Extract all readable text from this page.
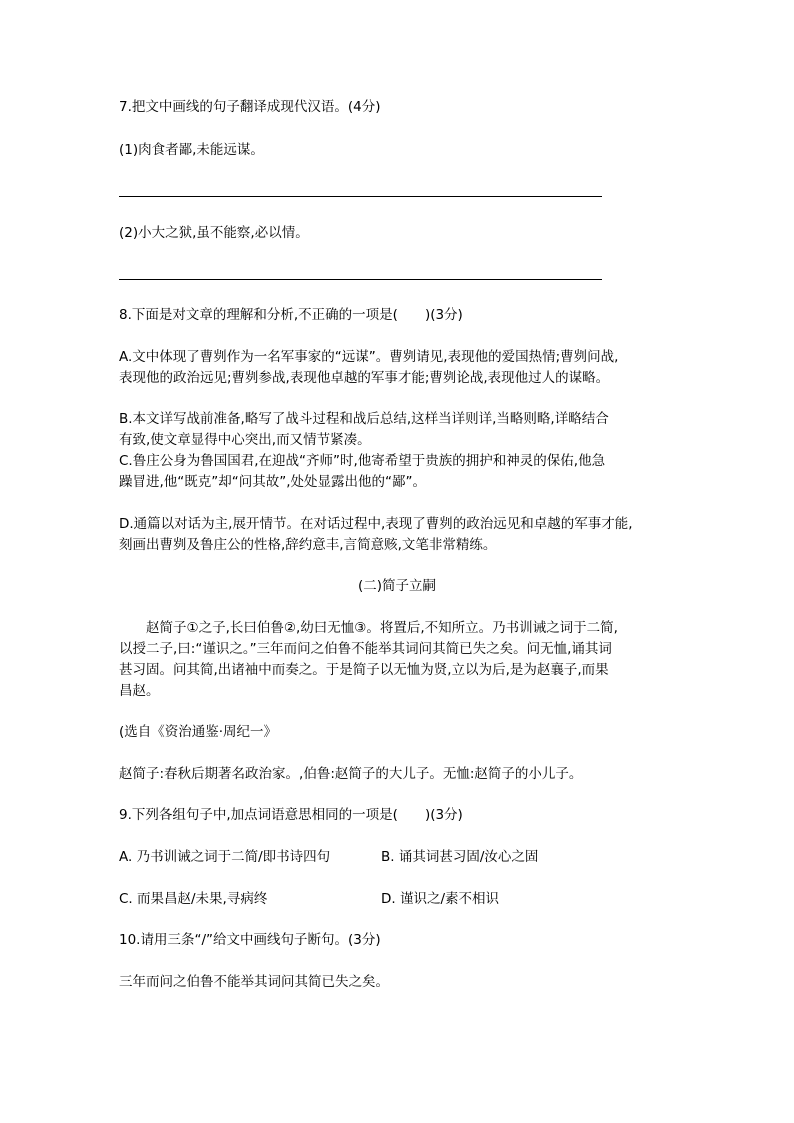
7.把文中画线的句子翻译成现代汉语。(4分)
(1)肉食者鄙,未能远谋。
(2)小大之狱,虽不能察,必以情。
8.下面是对文章的理解和分析,不正确的一项是(　　)(3分)
A.文中体现了曹刿作为一名军事家的“远谋”。曹刿请见,表现他的爱国热情;曹刿问战,
表现他的政治远见;曹刿参战,表现他卓越的军事才能;曹刿论战,表现他过人的谋略。
B.本文详写战前准备,略写了战斗过程和战后总结,这样当详则详,当略则略,详略结合
有致,使文章显得中心突出,而又情节紧凑。
C.鲁庄公身为鲁国国君,在迎战“齐师”时,他寄希望于贵族的拥护和神灵的保佑,他急
躁冒进,他“既克”却“问其故”,处处显露出他的“鄙”。
D.通篇以对话为主,展开情节。在对话过程中,表现了曹刿的政治远见和卓越的军事才能,
刻画出曹刿及鲁庄公的性格,辞约意丰,言简意赅,文笔非常精练。
(二)简子立嗣
　　赵简子①之子,长曰伯鲁②,幼曰无恤③。将置后,不知所立。乃书训诫之词于二简,
以授二子,曰:“谨识之。”三年而问之伯鲁不能举其词问其简已失之矣。问无恤,诵其词
甚习固。问其简,出诸袖中而奏之。于是简子以无恤为贤,立以为后,是为赵襄子,而果
昌赵。
(选自《资治通鉴·周纪一》
赵简子:春秋后期著名政治家。,伯鲁:赵简子的大儿子。无恤:赵简子的小儿子。
9.下列各组句子中,加点词语意思相同的一项是(　　)(3分)
A. 乃书训诫之词于二简/即书诗四句	B. 诵其词甚习固/汝心之固
C. 而果昌赵/未果,寻病终	D. 谨识之/素不相识
10.请用三条“/”给文中画线句子断句。(3分)
三年而问之伯鲁不能举其词问其简已失之矣。
